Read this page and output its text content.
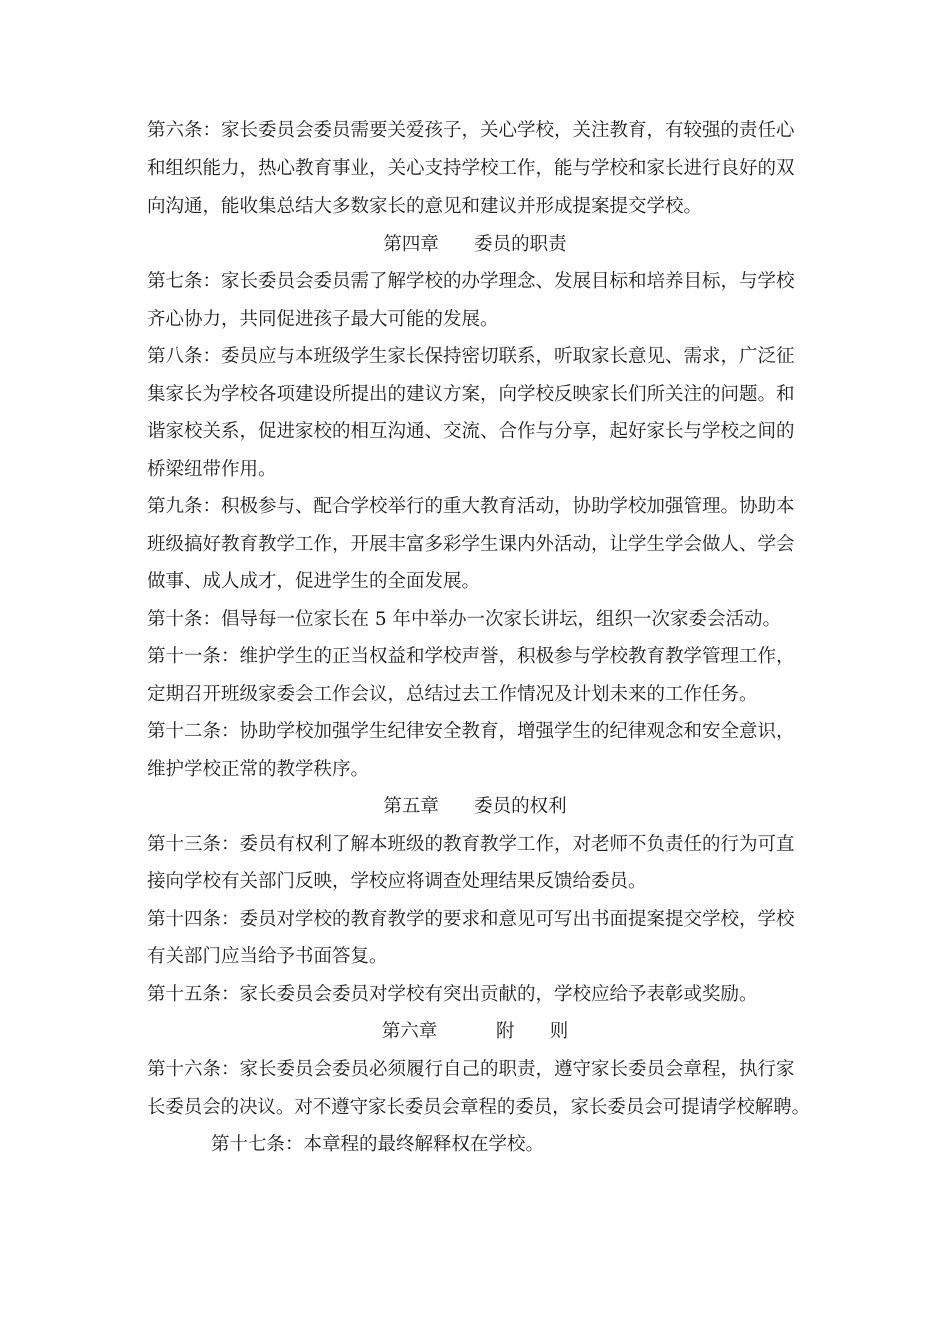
第六条：家长委员会委员需要关爱孩子，关心学校，关注教育，有较强的责任心
和组织能力，热心教育事业，关心支持学校工作，能与学校和家长进行良好的双
向沟通，能收集总结大多数家长的意见和建议并形成提案提交学校。
第四章      委员的职责
第七条：家长委员会委员需了解学校的办学理念、发展目标和培养目标，与学校
齐心协力，共同促进孩子最大可能的发展。
第八条：委员应与本班级学生家长保持密切联系，听取家长意见、需求，广泛征
集家长为学校各项建设所提出的建议方案，向学校反映家长们所关注的问题。和
谐家校关系，促进家校的相互沟通、交流、合作与分享，起好家长与学校之间的
桥梁纽带作用。
第九条：积极参与、配合学校举行的重大教育活动，协助学校加强管理。协助本
班级搞好教育教学工作，开展丰富多彩学生课内外活动，让学生学会做人、学会
做事、成人成才，促进学生的全面发展。
第十条：倡导每一位家长在 5 年中举办一次家长讲坛，组织一次家委会活动。
第十一条：维护学生的正当权益和学校声誉，积极参与学校教育教学管理工作，
定期召开班级家委会工作会议，总结过去工作情况及计划未来的工作任务。
第十二条：协助学校加强学生纪律安全教育，增强学生的纪律观念和安全意识，
维护学校正常的教学秩序。
第五章      委员的权利
第十三条：委员有权利了解本班级的教育教学工作，对老师不负责任的行为可直
接向学校有关部门反映，学校应将调查处理结果反馈给委员。
第十四条：委员对学校的教育教学的要求和意见可写出书面提案提交学校，学校
有关部门应当给予书面答复。
第十五条：家长委员会委员对学校有突出贡献的，学校应给予表彰或奖励。
第六章          附      则
第十六条：家长委员会委员必须履行自己的职责，遵守家长委员会章程，执行家
长委员会的决议。对不遵守家长委员会章程的委员，家长委员会可提请学校解聘。
第十七条：本章程的最终解释权在学校。
